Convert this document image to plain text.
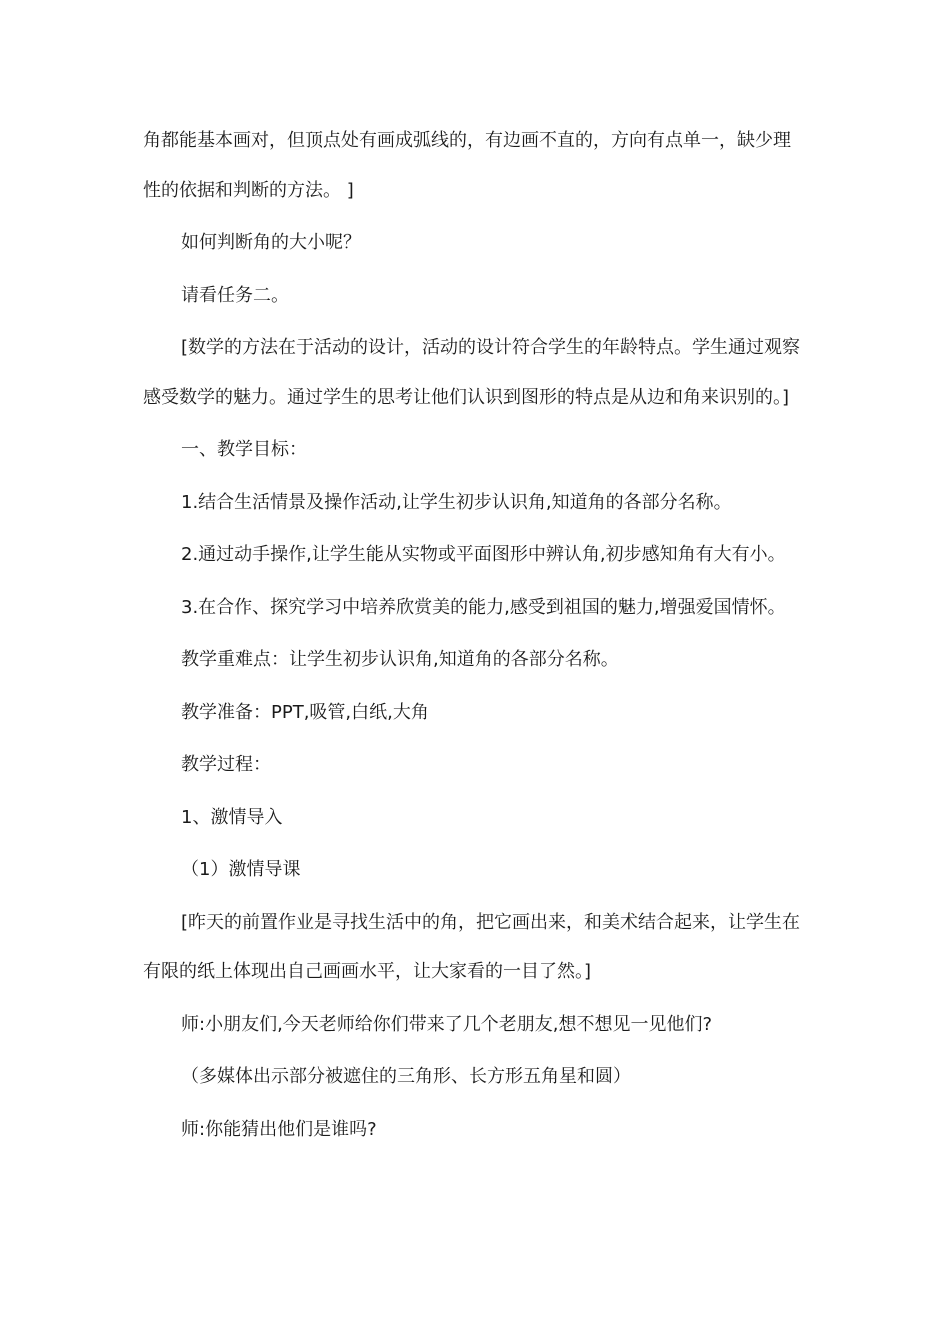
角都能基本画对，但顶点处有画成弧线的，有边画不直的，方向有点单一，缺少理性的依据和判断的方法。 ]

如何判断角的大小呢？

请看任务二。

[数学的方法在于活动的设计，活动的设计符合学生的年龄特点。学生通过观察感受数学的魅力。通过学生的思考让他们认识到图形的特点是从边和角来识别的。]

一、教学目标：

1.结合生活情景及操作活动,让学生初步认识角,知道角的各部分名称。

2.通过动手操作,让学生能从实物或平面图形中辨认角,初步感知角有大有小。

3.在合作、探究学习中培养欣赏美的能力,感受到祖国的魅力,增强爱国情怀。

教学重难点：让学生初步认识角,知道角的各部分名称。

教学准备：PPT,吸管,白纸,大角

教学过程：

1、激情导入

（1）激情导课

[昨天的前置作业是寻找生活中的角，把它画出来，和美术结合起来，让学生在有限的纸上体现出自己画画水平，让大家看的一目了然。]

师:小朋友们,今天老师给你们带来了几个老朋友,想不想见一见他们?

（多媒体出示部分被遮住的三角形、长方形五角星和圆）

师:你能猜出他们是谁吗?
